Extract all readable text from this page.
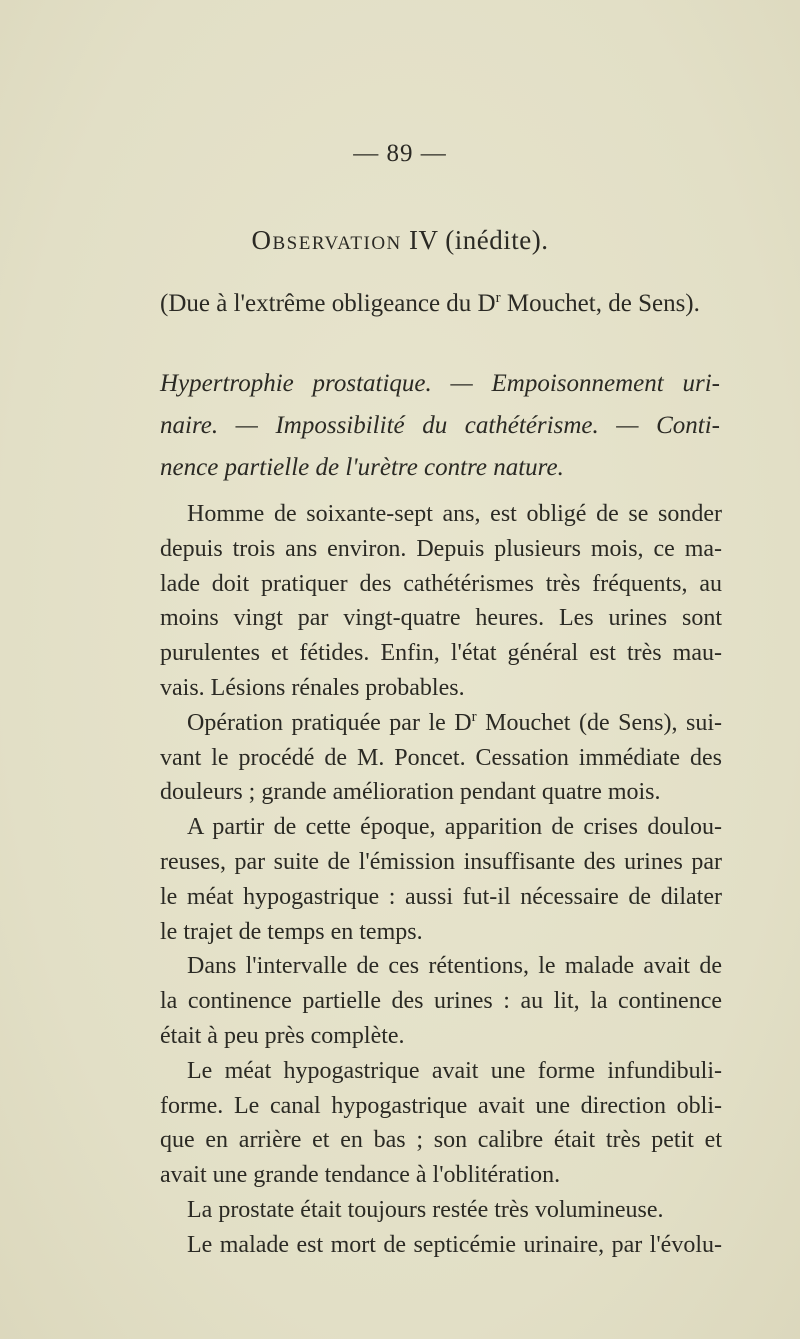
— 89 —
Observation IV (inédite).
(Due à l'extrême obligeance du $D^r$ Mouchet, de Sens).
Hypertrophie prostatique. — Empoisonnement uri-
naire. — Impossibilité du cathétérisme. — Conti-
nence partielle de l'urètre contre nature.
Homme de soixante-sept ans, est obligé de se sonder
depuis trois ans environ. Depuis plusieurs mois, ce ma-
lade doit pratiquer des cathétérismes très fréquents, au
moins vingt par vingt-quatre heures. Les urines sont
purulentes et fétides. Enfin, l'état général est très mau-
vais. Lésions rénales probables.
Opération pratiquée par le $D^r$ Mouchet (de Sens), sui-
vant le procédé de M. Poncet. Cessation immédiate des
douleurs ; grande amélioration pendant quatre mois.
A partir de cette époque, apparition de crises doulou-
reuses, par suite de l'émission insuffisante des urines par
le méat hypogastrique : aussi fut-il nécessaire de dilater
le trajet de temps en temps.
Dans l'intervalle de ces rétentions, le malade avait de
la continence partielle des urines : au lit, la continence
était à peu près complète.
Le méat hypogastrique avait une forme infundibuli-
forme. Le canal hypogastrique avait une direction obli-
que en arrière et en bas ; son calibre était très petit et
avait une grande tendance à l'oblitération.
La prostate était toujours restée très volumineuse.
Le malade est mort de septicémie urinaire, par l'évolu-
